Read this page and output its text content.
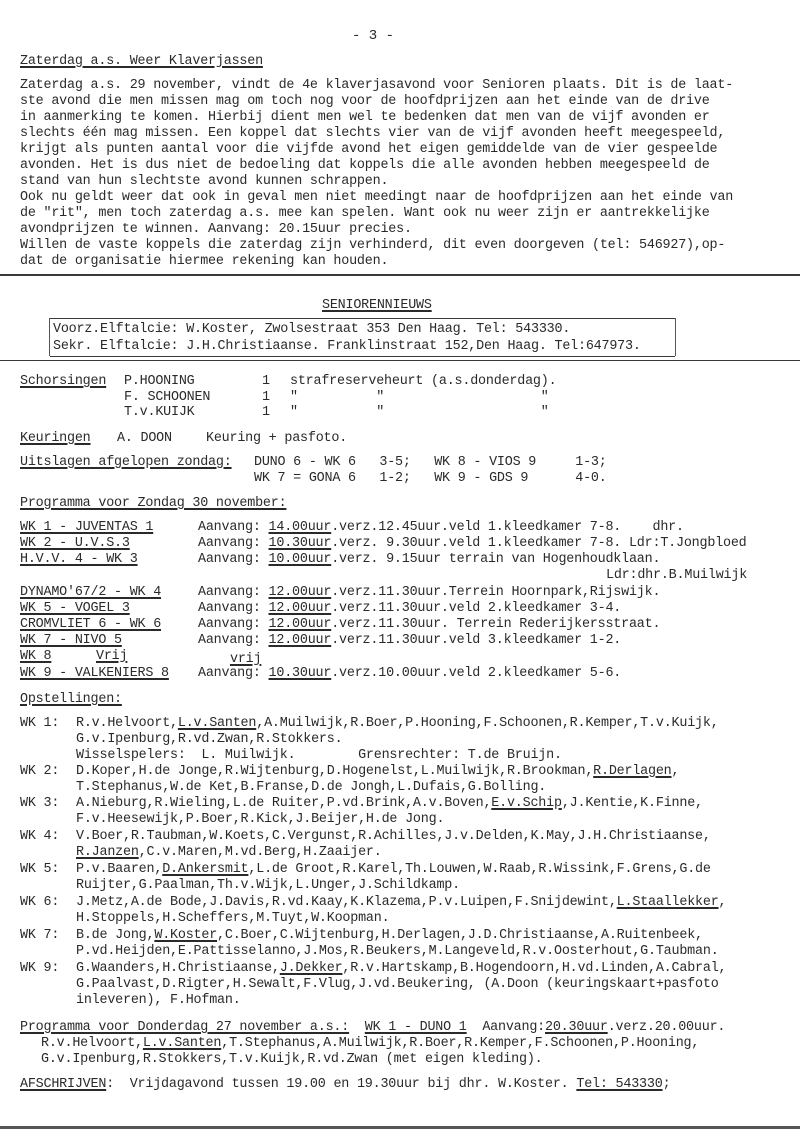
- 3 -
Zaterdag a.s. Weer Klaverjassen
Zaterdag a.s. 29 november, vindt de 4e klaverjasavond voor Senioren plaats. Dit is de laat-
ste avond die men missen mag om toch nog voor de hoofdprijzen aan het einde van de drive
in aanmerking te komen. Hierbij dient men wel te bedenken dat men van de vijf avonden er
slechts één mag missen. Een koppel dat slechts vier van de vijf avonden heeft meegespeeld,
krijgt als punten aantal voor die vijfde avond het eigen gemiddelde van de vier gespeelde
avonden. Het is dus niet de bedoeling dat koppels die alle avonden hebben meegespeeld de
stand van hun slechtste avond kunnen schrappen.
Ook nu geldt weer dat ook in geval men niet meedingt naar de hoofdprijzen aan het einde van
de "rit", men toch zaterdag a.s. mee kan spelen. Want ook nu weer zijn er aantrekkelijke
avondprijzen te winnen. Aanvang: 20.15uur precies.
Willen de vaste koppels die zaterdag zijn verhinderd, dit even doorgeven (tel: 546927),op-
dat de organisatie hiermee rekening kan houden.
SENIORENNIEUWS
Voorz.Elftalcie: W.Koster, Zwolsestraat 353 Den Haag. Tel: 543330.
Sekr. Elftalcie: J.H.Christiaanse. Franklinstraat 152,Den Haag. Tel:647973.
Schorsingen P.HOONING	1 strafreserveheurt (a.s.donderdag).
F. SCHOONEN	1 "          "                    "
T.v.KUIJK	1 "          "                    "
Keuringen A. DOON	Keuring + pasfoto.
Uitslagen afgelopen zondag: DUNO 6 - WK 6   3-5;   WK 8 - VIOS 9     1-3;
WK 7 = GONA 6   1-2;   WK 9 - GDS 9      4-0.
Programma voor Zondag 30 november:
WK 1 - JUVENTAS 1	Aanvang: 14.00uur.verz.12.45uur.veld 1.kleedkamer 7-8.    dhr.
WK 2 - U.V.S.3	Aanvang: 10.30uur.verz. 9.30uur.veld 1.kleedkamer 7-8. Ldr:T.Jongbloed
H.V.V. 4 - WK 3	Aanvang: 10.00uur.verz. 9.15uur terrain van Hogenhoudklaan.
Ldr:dhr.B.Muilwijk
DYNAMO'67/2 - WK 4	Aanvang: 12.00uur.verz.11.30uur.Terrein Hoornpark,Rijswijk.
WK 5 - VOGEL 3	Aanvang: 12.00uur.verz.11.30uur.veld 2.kleedkamer 3-4.
CROMVLIET 6 - WK 6	Aanvang: 12.00uur.verz.11.30uur. Terrein Rederijkersstraat.
WK 7 - NIVO 5	Aanvang: 12.00uur.verz.11.30uur.veld 3.kleedkamer 1-2.
WK 8	Vrij	vrij
WK 9 - VALKENIERS 8 Aanvang: 10.30uur.verz.10.00uur.veld 2.kleedkamer 5-6.
Opstellingen:
WK 1: R.v.Helvoort,L.v.Santen,A.Muilwijk,R.Boer,P.Hooning,F.Schoonen,R.Kemper,T.v.Kuijk,
G.v.Ipenburg,R.vd.Zwan,R.Stokkers.
Wisselspelers:  L. Muilwijk.        Grensrechter: T.de Bruijn.
WK 2: D.Koper,H.de Jonge,R.Wijtenburg,D.Hogenelst,L.Muilwijk,R.Brookman,R.Derlagen,
T.Stephanus,W.de Ket,B.Franse,D.de Jongh,L.Dufais,G.Bolling.
WK 3: A.Nieburg,R.Wieling,L.de Ruiter,P.vd.Brink,A.v.Boven,E.v.Schip,J.Kentie,K.Finne,
F.v.Heesewijk,P.Boer,R.Kick,J.Beijer,H.de Jong.
WK 4: V.Boer,R.Taubman,W.Koets,C.Vergunst,R.Achilles,J.v.Delden,K.May,J.H.Christiaanse,
R.Janzen,C.v.Maren,M.vd.Berg,H.Zaaijer.
WK 5: P.v.Baaren,D.Ankersmit,L.de Groot,R.Karel,Th.Louwen,W.Raab,R.Wissink,F.Grens,G.de
Ruijter,G.Paalman,Th.v.Wijk,L.Unger,J.Schildkamp.
WK 6: J.Metz,A.de Bode,J.Davis,R.vd.Kaay,K.Klazema,P.v.Luipen,F.Snijdewint,L.Staallekker,
H.Stoppels,H.Scheffers,M.Tuyt,W.Koopman.
WK 7: B.de Jong,W.Koster,C.Boer,C.Wijtenburg,H.Derlagen,J.D.Christiaanse,A.Ruitenbeek,
P.vd.Heijden,E.Pattisselanno,J.Mos,R.Beukers,M.Langeveld,R.v.Oosterhout,G.Taubman.
WK 9: G.Waanders,H.Christiaanse,J.Dekker,R.v.Hartskamp,B.Hogendoorn,H.vd.Linden,A.Cabral,
G.Paalvast,D.Rigter,H.Sewalt,F.Vlug,J.vd.Beukering, (A.Doon (keuringskaart+pasfoto
inleveren), F.Hofman.
Programma voor Donderdag 27 november a.s.: WK 1 - DUNO 1 Aanvang:20.30uur.verz.20.00uur.
R.v.Helvoort,L.v.Santen,T.Stephanus,A.Muilwijk,R.Boer,R.Kemper,F.Schoonen,P.Hooning,
G.v.Ipenburg,R.Stokkers,T.v.Kuijk,R.vd.Zwan (met eigen kleding).
AFSCHRIJVEN:  Vrijdagavond tussen 19.00 en 19.30uur bij dhr. W.Koster. Tel: 543330;
